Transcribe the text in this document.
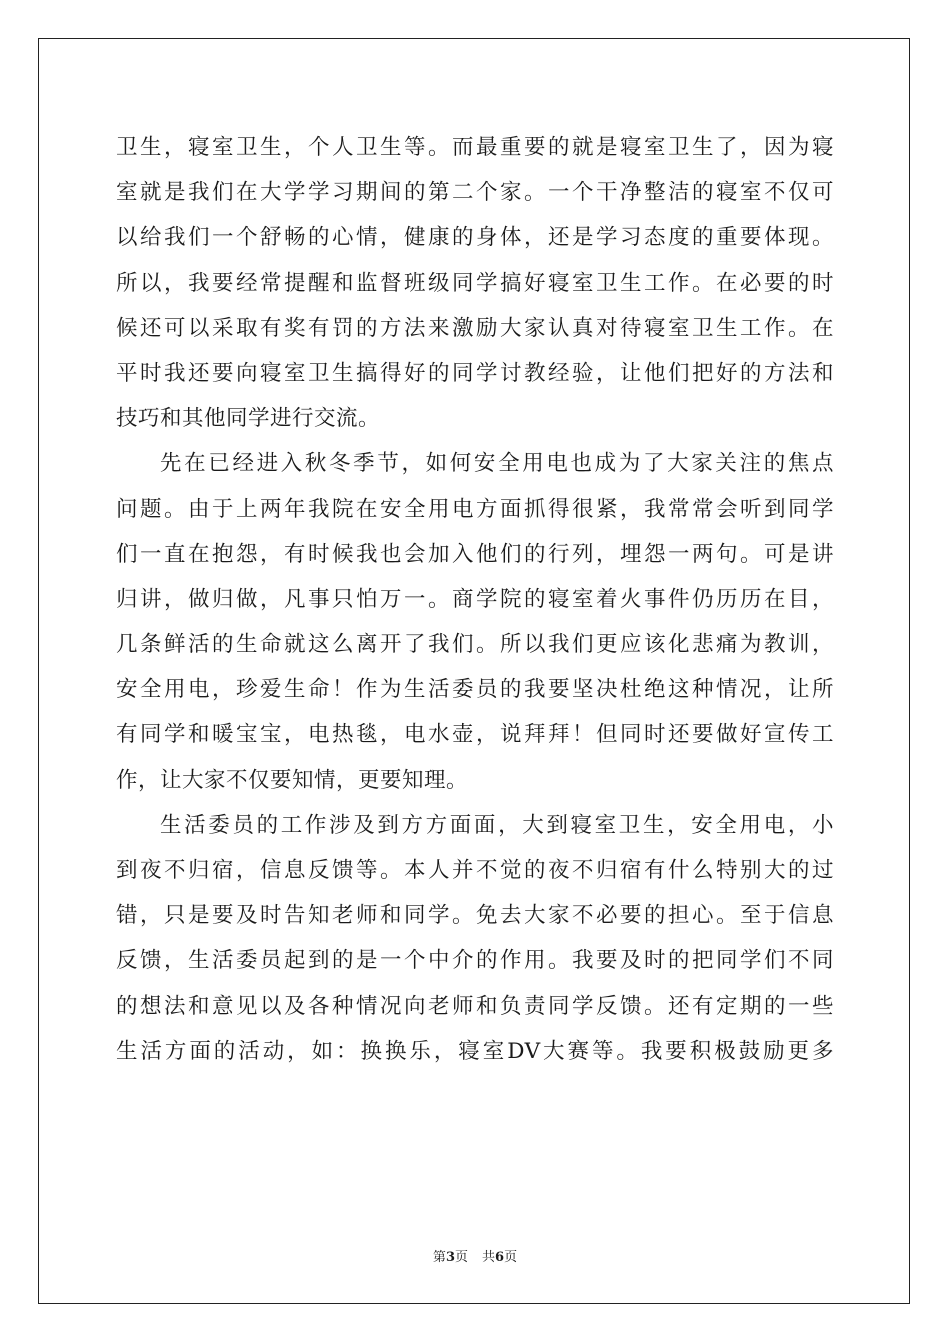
卫生，寝室卫生，个人卫生等。而最重要的就是寝室卫生了，因为寝
室就是我们在大学学习期间的第二个家。一个干净整洁的寝室不仅可
以给我们一个舒畅的心情，健康的身体，还是学习态度的重要体现。
所以，我要经常提醒和监督班级同学搞好寝室卫生工作。在必要的时
候还可以采取有奖有罚的方法来激励大家认真对待寝室卫生工作。在
平时我还要向寝室卫生搞得好的同学讨教经验，让他们把好的方法和
技巧和其他同学进行交流。
先在已经进入秋冬季节，如何安全用电也成为了大家关注的焦点
问题。由于上两年我院在安全用电方面抓得很紧，我常常会听到同学
们一直在抱怨，有时候我也会加入他们的行列，埋怨一两句。可是讲
归讲，做归做，凡事只怕万一。商学院的寝室着火事件仍历历在目，
几条鲜活的生命就这么离开了我们。所以我们更应该化悲痛为教训，
安全用电，珍爱生命！作为生活委员的我要坚决杜绝这种情况，让所
有同学和暖宝宝，电热毯，电水壶，说拜拜！但同时还要做好宣传工
作，让大家不仅要知情，更要知理。
生活委员的工作涉及到方方面面，大到寝室卫生，安全用电，小
到夜不归宿，信息反馈等。本人并不觉的夜不归宿有什么特别大的过
错，只是要及时告知老师和同学。免去大家不必要的担心。至于信息
反馈，生活委员起到的是一个中介的作用。我要及时的把同学们不同
的想法和意见以及各种情况向老师和负责同学反馈。还有定期的一些
生活方面的活动，如：换换乐，寝室DV大赛等。我要积极鼓励更多
第3页 共6页
